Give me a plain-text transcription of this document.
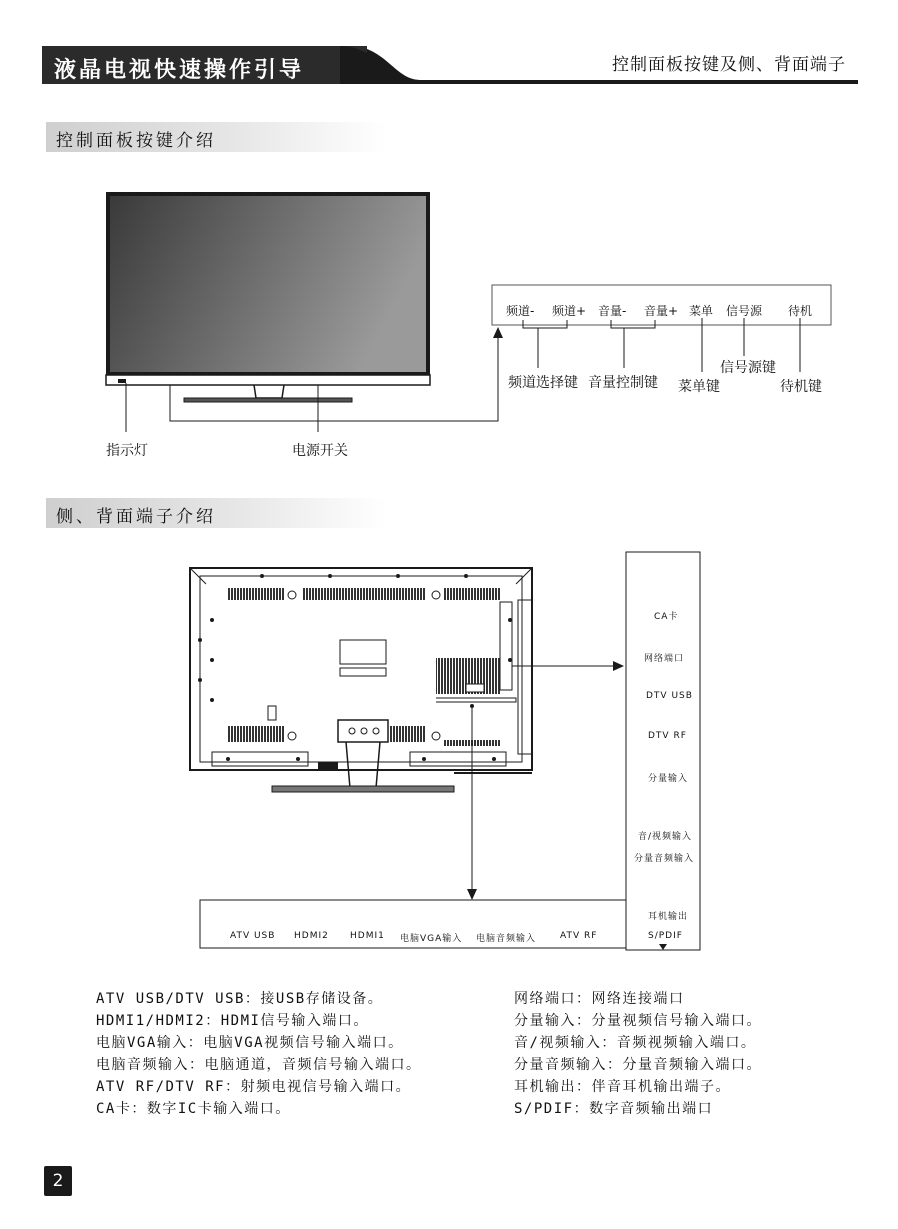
液晶电视快速操作引导	控制面板按键及侧、背面端子
控制面板按键介绍
频道- 频道+ 音量- 音量+ 菜单 信号源 待机
频道选择键 音量控制键 菜单键
信号源键
待机键
指示灯	电源开关
侧、背面端子介绍
CA卡
网络端口
DTV USB
DTV RF
分量输入
音/视频输入
分量音频输入
耳机输出
S/PDIF
ATV USB HDMI2 HDMI1 电脑VGA输入 电脑音频输入	ATV RF
ATV USB/DTV USB：接USB存储设备。
HDMI1/HDMI2：HDMI信号输入端口。
电脑VGA输入：电脑VGA视频信号输入端口。
电脑音频输入：电脑通道，音频信号输入端口。
ATV RF/DTV RF：射频电视信号输入端口。
CA卡：数字IC卡输入端口。
网络端口：网络连接端口
分量输入：分量视频信号输入端口。
音/视频输入：音频视频输入端口。
分量音频输入：分量音频输入端口。
耳机输出：伴音耳机输出端子。
S/PDIF：数字音频输出端口
2
